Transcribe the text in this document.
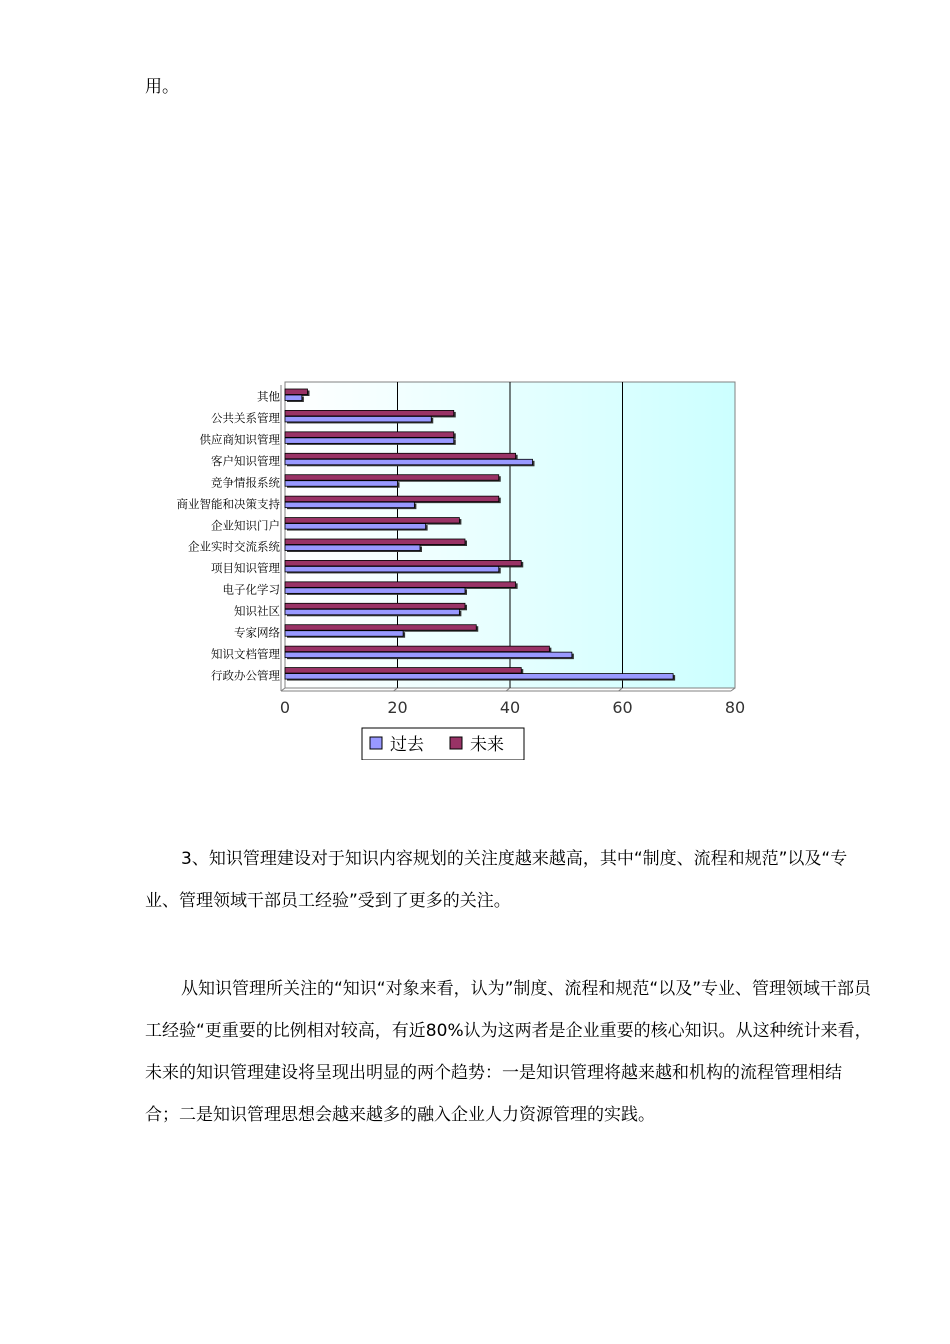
用。
其他
公共关系管理
供应商知识管理
客户知识管理
竞争情报系统
商业智能和决策支持
企业知识门户
企业实时交流系统
项目知识管理
电子化学习
知识社区
专家网络
知识文档管理
行政办公管理
0	20	40	60	80
过去	未来

3、知识管理建设对于知识内容规划的关注度越来越高，其中“制度、流程和规范”以及“专业、管理领域干部员工经验”受到了更多的关注。

从知识管理所关注的“知识“对象来看，认为”制度、流程和规范“以及”专业、管理领域干部员工经验“更重要的比例相对较高，有近80%认为这两者是企业重要的核心知识。从这种统计来看，未来的知识管理建设将呈现出明显的两个趋势：一是知识管理将越来越和机构的流程管理相结合；二是知识管理思想会越来越多的融入企业人力资源管理的实践。
